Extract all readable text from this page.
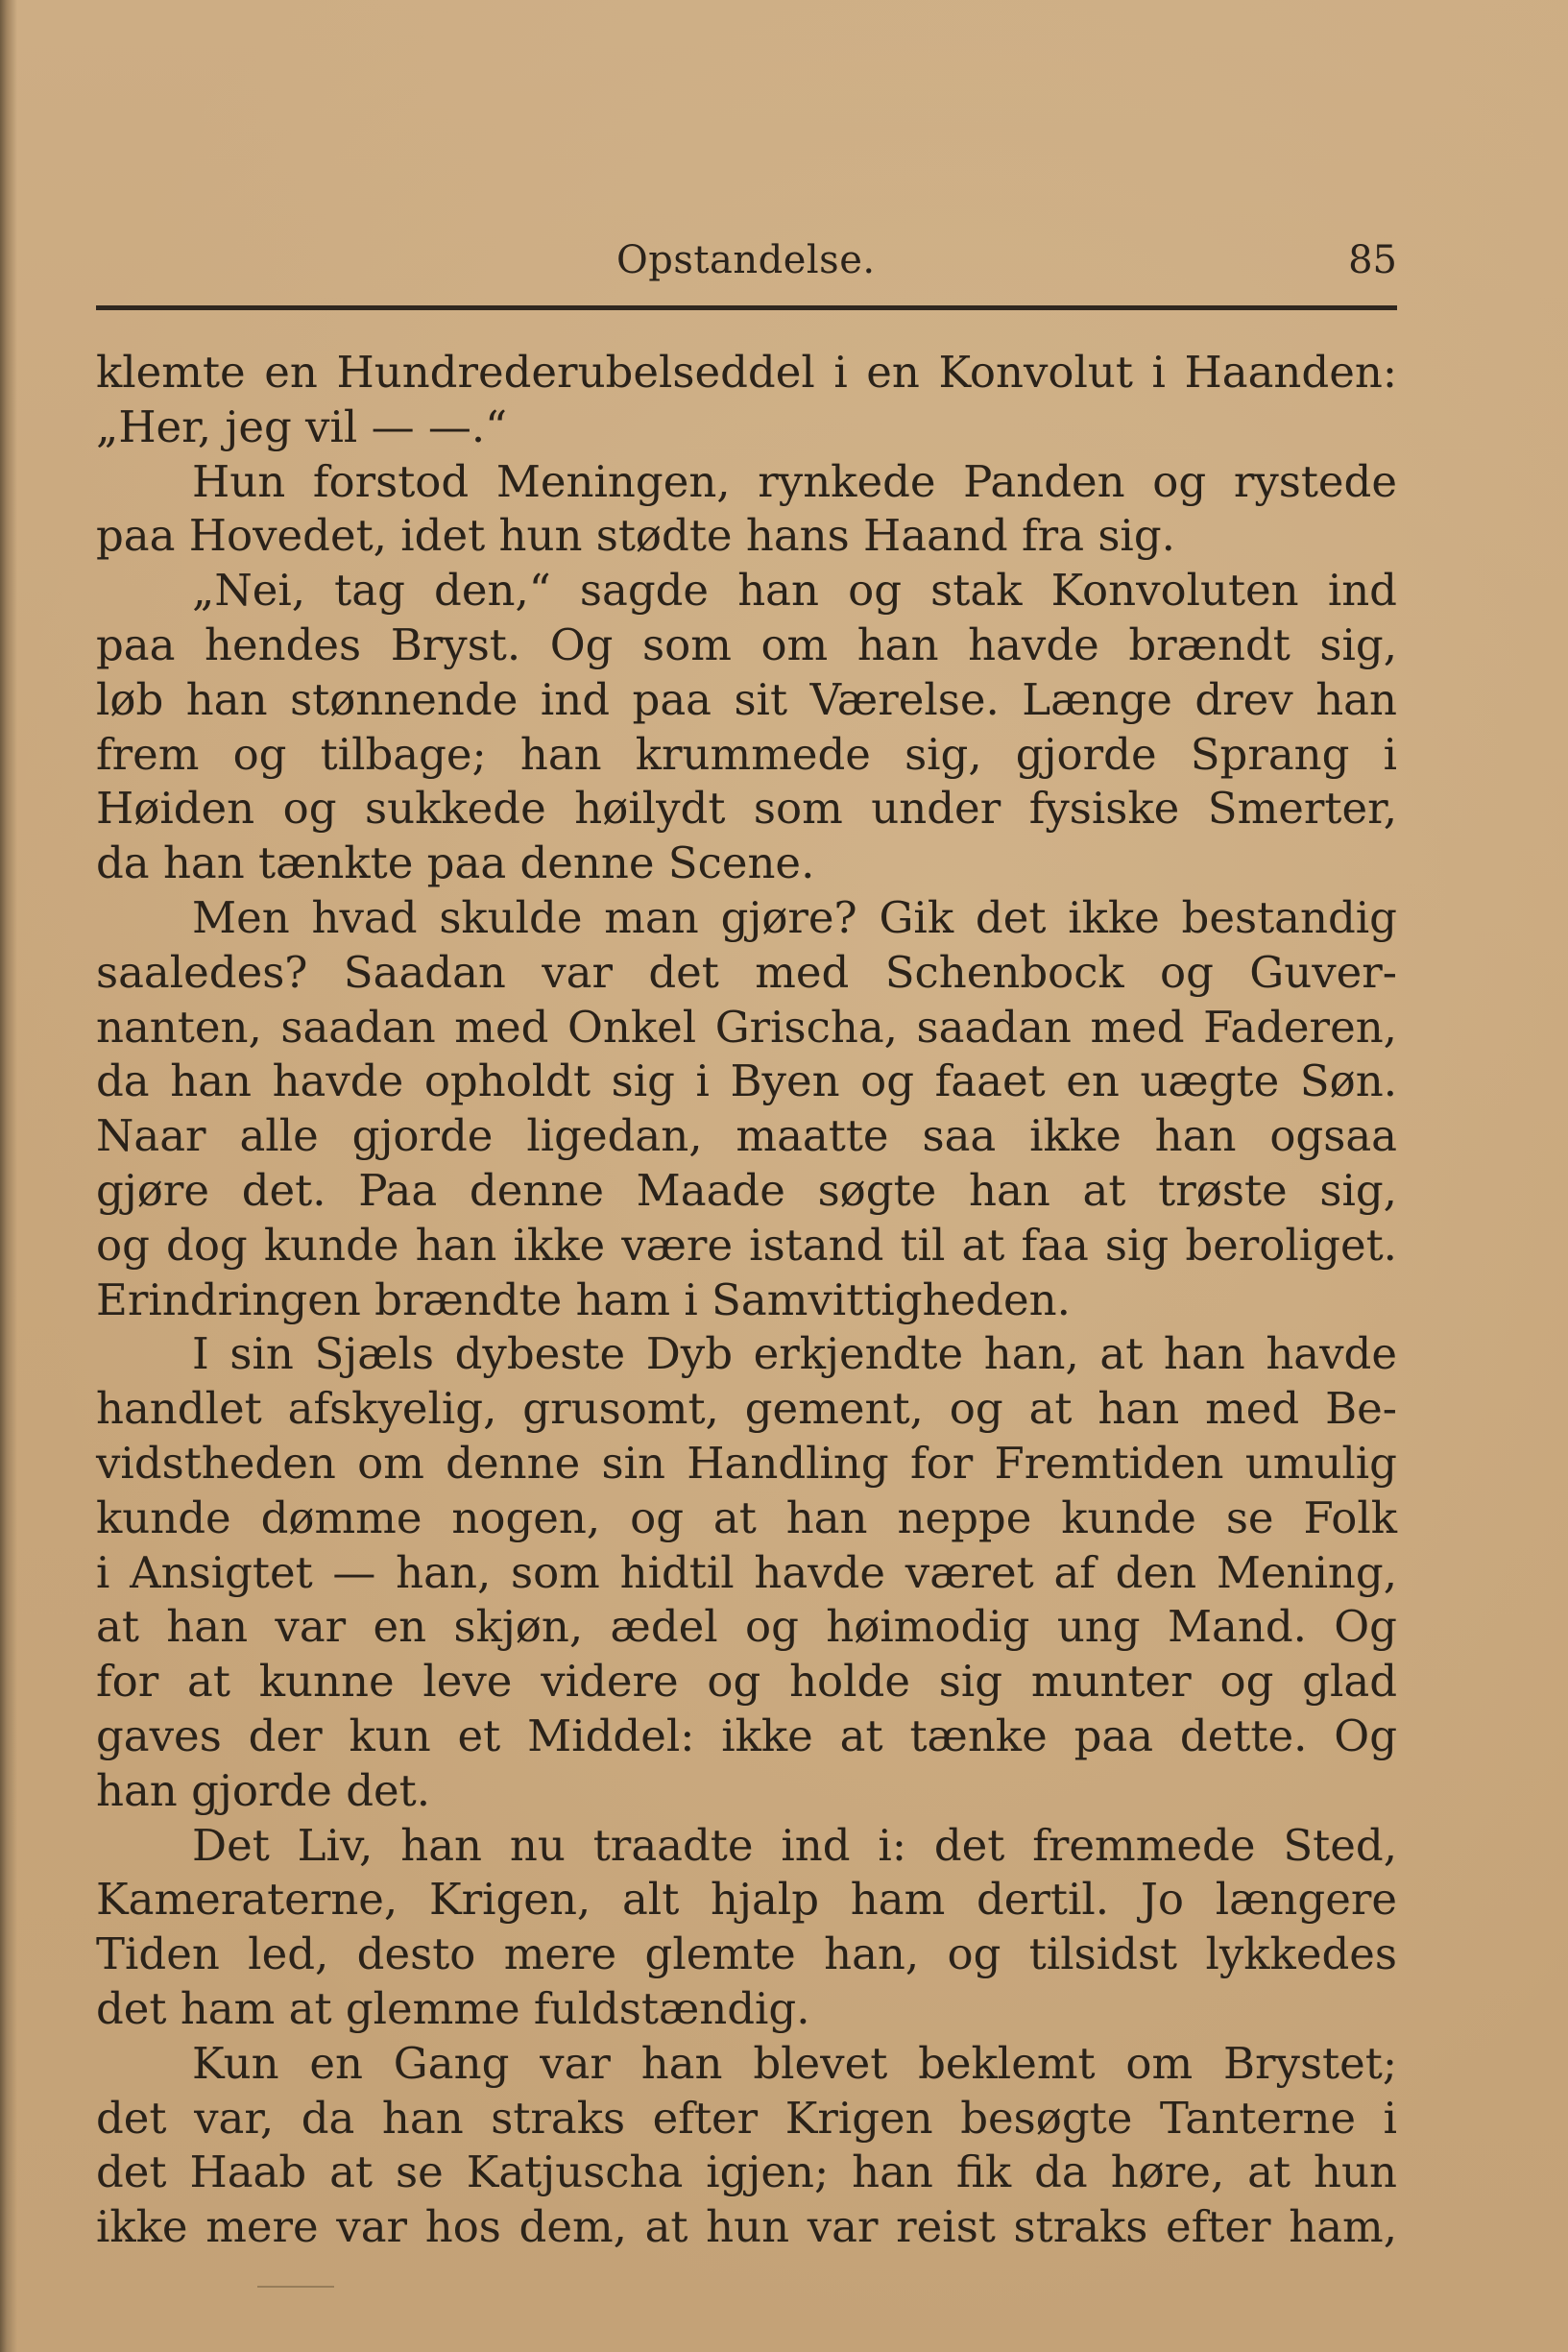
Opstandelse.	85
klemte en Hundrederubelseddel i en Konvolut i Haanden:
„Her, jeg vil — —.“
Hun forstod Meningen, rynkede Panden og rystede
paa Hovedet, idet hun stødte hans Haand fra sig.
„Nei, tag den,“ sagde han og stak Konvoluten ind
paa hendes Bryst. Og som om han havde brændt sig,
løb han stønnende ind paa sit Værelse. Længe drev han
frem og tilbage; han krummede sig, gjorde Sprang i
Høiden og sukkede høilydt som under fysiske Smerter,
da han tænkte paa denne Scene.
Men hvad skulde man gjøre? Gik det ikke bestandig
saaledes? Saadan var det med Schenbock og Guver-
nanten, saadan med Onkel Grischa, saadan med Faderen,
da han havde opholdt sig i Byen og faaet en uægte Søn.
Naar alle gjorde ligedan, maatte saa ikke han ogsaa
gjøre det. Paa denne Maade søgte han at trøste sig,
og dog kunde han ikke være istand til at faa sig beroliget.
Erindringen brændte ham i Samvittigheden.
I sin Sjæls dybeste Dyb erkjendte han, at han havde
handlet afskyelig, grusomt, gement, og at han med Be-
vidstheden om denne sin Handling for Fremtiden umulig
kunde dømme nogen, og at han neppe kunde se Folk
i Ansigtet — han, som hidtil havde været af den Mening,
at han var en skjøn, ædel og høimodig ung Mand. Og
for at kunne leve videre og holde sig munter og glad
gaves der kun et Middel: ikke at tænke paa dette. Og
han gjorde det.
Det Liv, han nu traadte ind i: det fremmede Sted,
Kameraterne, Krigen, alt hjalp ham dertil. Jo længere
Tiden led, desto mere glemte han, og tilsidst lykkedes
det ham at glemme fuldstændig.
Kun en Gang var han blevet beklemt om Brystet;
det var, da han straks efter Krigen besøgte Tanterne i
det Haab at se Katjuscha igjen; han fik da høre, at hun
ikke mere var hos dem, at hun var reist straks efter ham,
